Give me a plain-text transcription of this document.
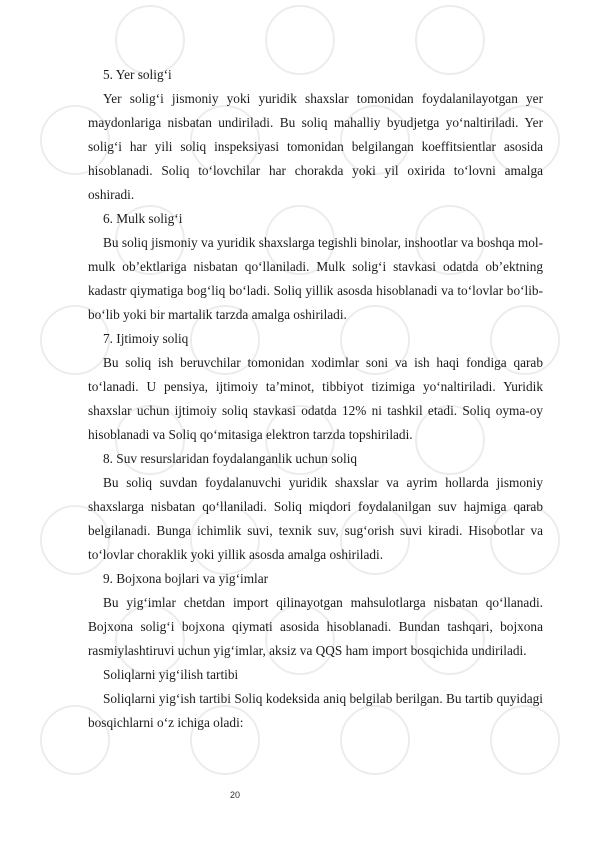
5. Yer solig‘i

Yer solig‘i jismoniy yoki yuridik shaxslar tomonidan foydalanilayotgan yer maydonlariga nisbatan undiriladi. Bu soliq mahalliy byudjetga yo‘naltiriladi. Yer solig‘i har yili soliq inspeksiyasi tomonidan belgilangan koeffitsientlar asosida hisoblanadi. Soliq to‘lovchilar har chorakda yoki yil oxirida to‘lovni amalga oshiradi.

6. Mulk solig‘i

Bu soliq jismoniy va yuridik shaxslarga tegishli binolar, inshootlar va boshqa mol-mulk ob’ektlariga nisbatan qo‘llaniladi. Mulk solig‘i stavkasi odatda ob’ektning kadastr qiymatiga bog‘liq bo‘ladi. Soliq yillik asosda hisoblanadi va to‘lovlar bo‘lib-bo‘lib yoki bir martalik tarzda amalga oshiriladi.

7. Ijtimoiy soliq

Bu soliq ish beruvchilar tomonidan xodimlar soni va ish haqi fondiga qarab to‘lanadi. U pensiya, ijtimoiy ta’minot, tibbiyot tizimiga yo‘naltiriladi. Yuridik shaxslar uchun ijtimoiy soliq stavkasi odatda 12% ni tashkil etadi. Soliq oyma-oy hisoblanadi va Soliq qo‘mitasiga elektron tarzda topshiriladi.

8. Suv resurslaridan foydalanganlik uchun soliq

Bu soliq suvdan foydalanuvchi yuridik shaxslar va ayrim hollarda jismoniy shaxslarga nisbatan qo‘llaniladi. Soliq miqdori foydalanilgan suv hajmiga qarab belgilanadi. Bunga ichimlik suvi, texnik suv, sug‘orish suvi kiradi. Hisobotlar va to‘lovlar choraklik yoki yillik asosda amalga oshiriladi.

9. Bojxona bojlari va yig‘imlar

Bu yig‘imlar chetdan import qilinayotgan mahsulotlarga nisbatan qo‘llanadi. Bojxona solig‘i bojxona qiymati asosida hisoblanadi. Bundan tashqari, bojxona rasmiylashtiruvi uchun yig‘imlar, aksiz va QQS ham import bosqichida undiriladi.

Soliqlarni yig‘ilish tartibi

Soliqlarni yig‘ish tartibi Soliq kodeksida aniq belgilab berilgan. Bu tartib quyidagi bosqichlarni o‘z ichiga oladi:

20
